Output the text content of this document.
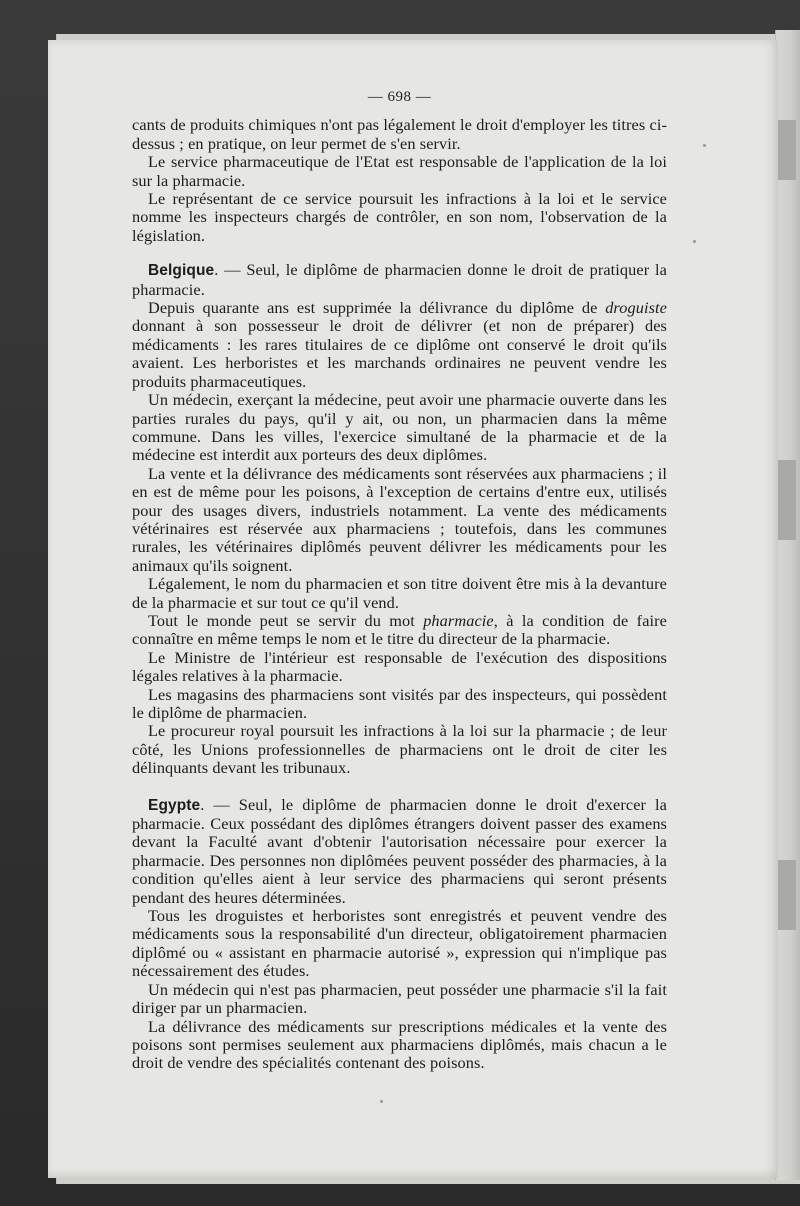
— 698 —

cants de produits chimiques n'ont pas légalement le droit d'employer les titres ci-dessus ; en pratique, on leur permet de s'en servir.

Le service pharmaceutique de l'Etat est responsable de l'application de la loi sur la pharmacie.

Le représentant de ce service poursuit les infractions à la loi et le service nomme les inspecteurs chargés de contrôler, en son nom, l'observation de la législation.

Belgique. — Seul, le diplôme de pharmacien donne le droit de pratiquer la pharmacie.

Depuis quarante ans est supprimée la délivrance du diplôme de droguiste donnant à son possesseur le droit de délivrer (et non de préparer) des médicaments : les rares titulaires de ce diplôme ont conservé le droit qu'ils avaient. Les herboristes et les marchands ordinaires ne peuvent vendre les produits pharmaceutiques.

Un médecin, exerçant la médecine, peut avoir une pharmacie ouverte dans les parties rurales du pays, qu'il y ait, ou non, un pharmacien dans la même commune. Dans les villes, l'exercice simultané de la pharmacie et de la médecine est interdit aux porteurs des deux diplômes.

La vente et la délivrance des médicaments sont réservées aux pharmaciens ; il en est de même pour les poisons, à l'exception de certains d'entre eux, utilisés pour des usages divers, industriels notamment. La vente des médicaments vétérinaires est réservée aux pharmaciens ; toutefois, dans les communes rurales, les vétérinaires diplômés peuvent délivrer les médicaments pour les animaux qu'ils soignent.

Légalement, le nom du pharmacien et son titre doivent être mis à la devanture de la pharmacie et sur tout ce qu'il vend.

Tout le monde peut se servir du mot pharmacie, à la condition de faire connaître en même temps le nom et le titre du directeur de la pharmacie.

Le Ministre de l'intérieur est responsable de l'exécution des dispositions légales relatives à la pharmacie.

Les magasins des pharmaciens sont visités par des inspecteurs, qui possèdent le diplôme de pharmacien.

Le procureur royal poursuit les infractions à la loi sur la pharmacie ; de leur côté, les Unions professionnelles de pharmaciens ont le droit de citer les délinquants devant les tribunaux.

Egypte. — Seul, le diplôme de pharmacien donne le droit d'exercer la pharmacie. Ceux possédant des diplômes étrangers doivent passer des examens devant la Faculté avant d'obtenir l'autorisation nécessaire pour exercer la pharmacie. Des personnes non diplômées peuvent posséder des pharmacies, à la condition qu'elles aient à leur service des pharmaciens qui seront présents pendant des heures déterminées.

Tous les droguistes et herboristes sont enregistrés et peuvent vendre des médicaments sous la responsabilité d'un directeur, obligatoirement pharmacien diplômé ou « assistant en pharmacie autorisé », expression qui n'implique pas nécessairement des études.

Un médecin qui n'est pas pharmacien, peut posséder une pharmacie s'il la fait diriger par un pharmacien.

La délivrance des médicaments sur prescriptions médicales et la vente des poisons sont permises seulement aux pharmaciens diplômés, mais chacun a le droit de vendre des spécialités contenant des poisons.
